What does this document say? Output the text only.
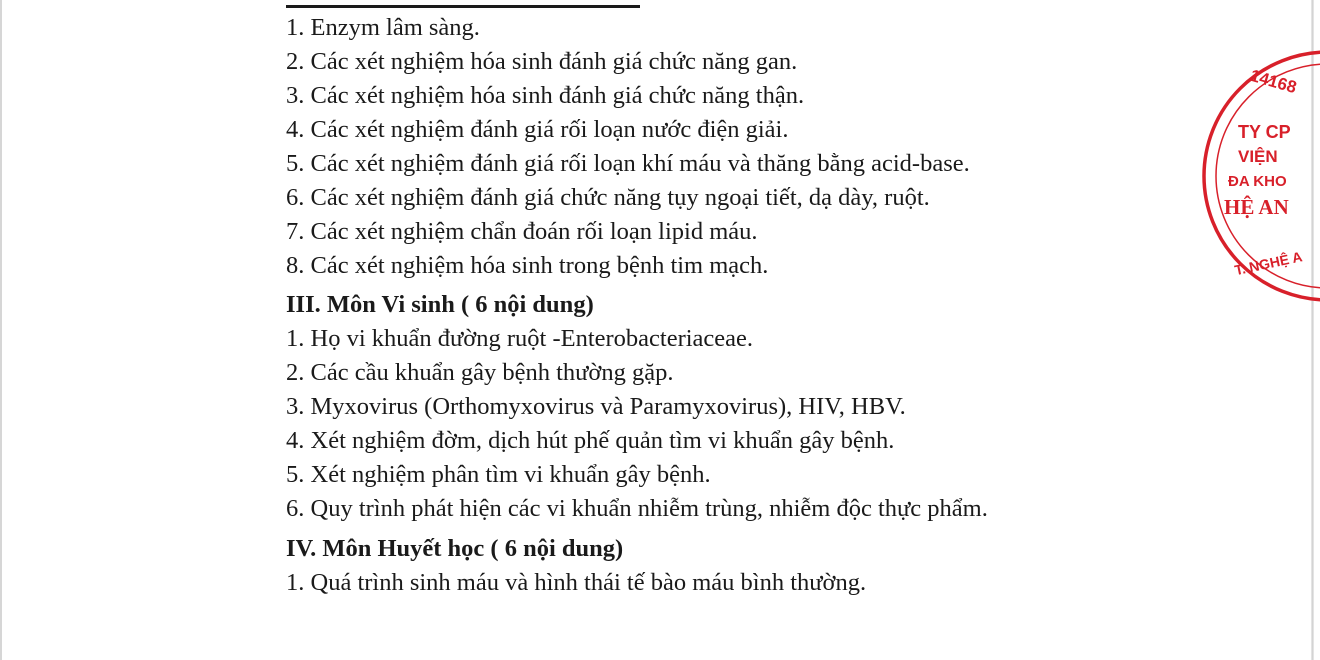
1. Enzym lâm sàng.
2. Các xét nghiệm hóa sinh đánh giá chức năng gan.
3. Các xét nghiệm hóa sinh đánh giá chức năng thận.
4. Các xét nghiệm đánh giá rối loạn nước điện giải.
5. Các xét nghiệm đánh giá rối loạn khí máu và thăng bằng acid-base.
6. Các xét nghiệm đánh giá chức năng tụy ngoại tiết, dạ dày, ruột.
7. Các xét nghiệm chẩn đoán rối loạn lipid máu.
8. Các xét nghiệm hóa sinh trong bệnh tim mạch.
III. Môn Vi sinh ( 6 nội dung)
1. Họ vi khuẩn đường ruột -Enterobacteriaceae.
2. Các cầu khuẩn gây bệnh thường gặp.
3. Myxovirus (Orthomyxovirus và Paramyxovirus), HIV, HBV.
4. Xét nghiệm đờm, dịch hút phế quản tìm vi khuẩn gây bệnh.
5. Xét nghiệm phân tìm vi khuẩn gây bệnh.
6. Quy trình phát hiện các vi khuẩn nhiễm trùng, nhiễm độc thực phẩm.
IV. Môn Huyết học ( 6 nội dung)
1. Quá trình sinh máu và hình thái tế bào máu bình thường.
14168
TY CP
VIỆN
ĐA KHO
HỆ AN
T. NGHỆ A
